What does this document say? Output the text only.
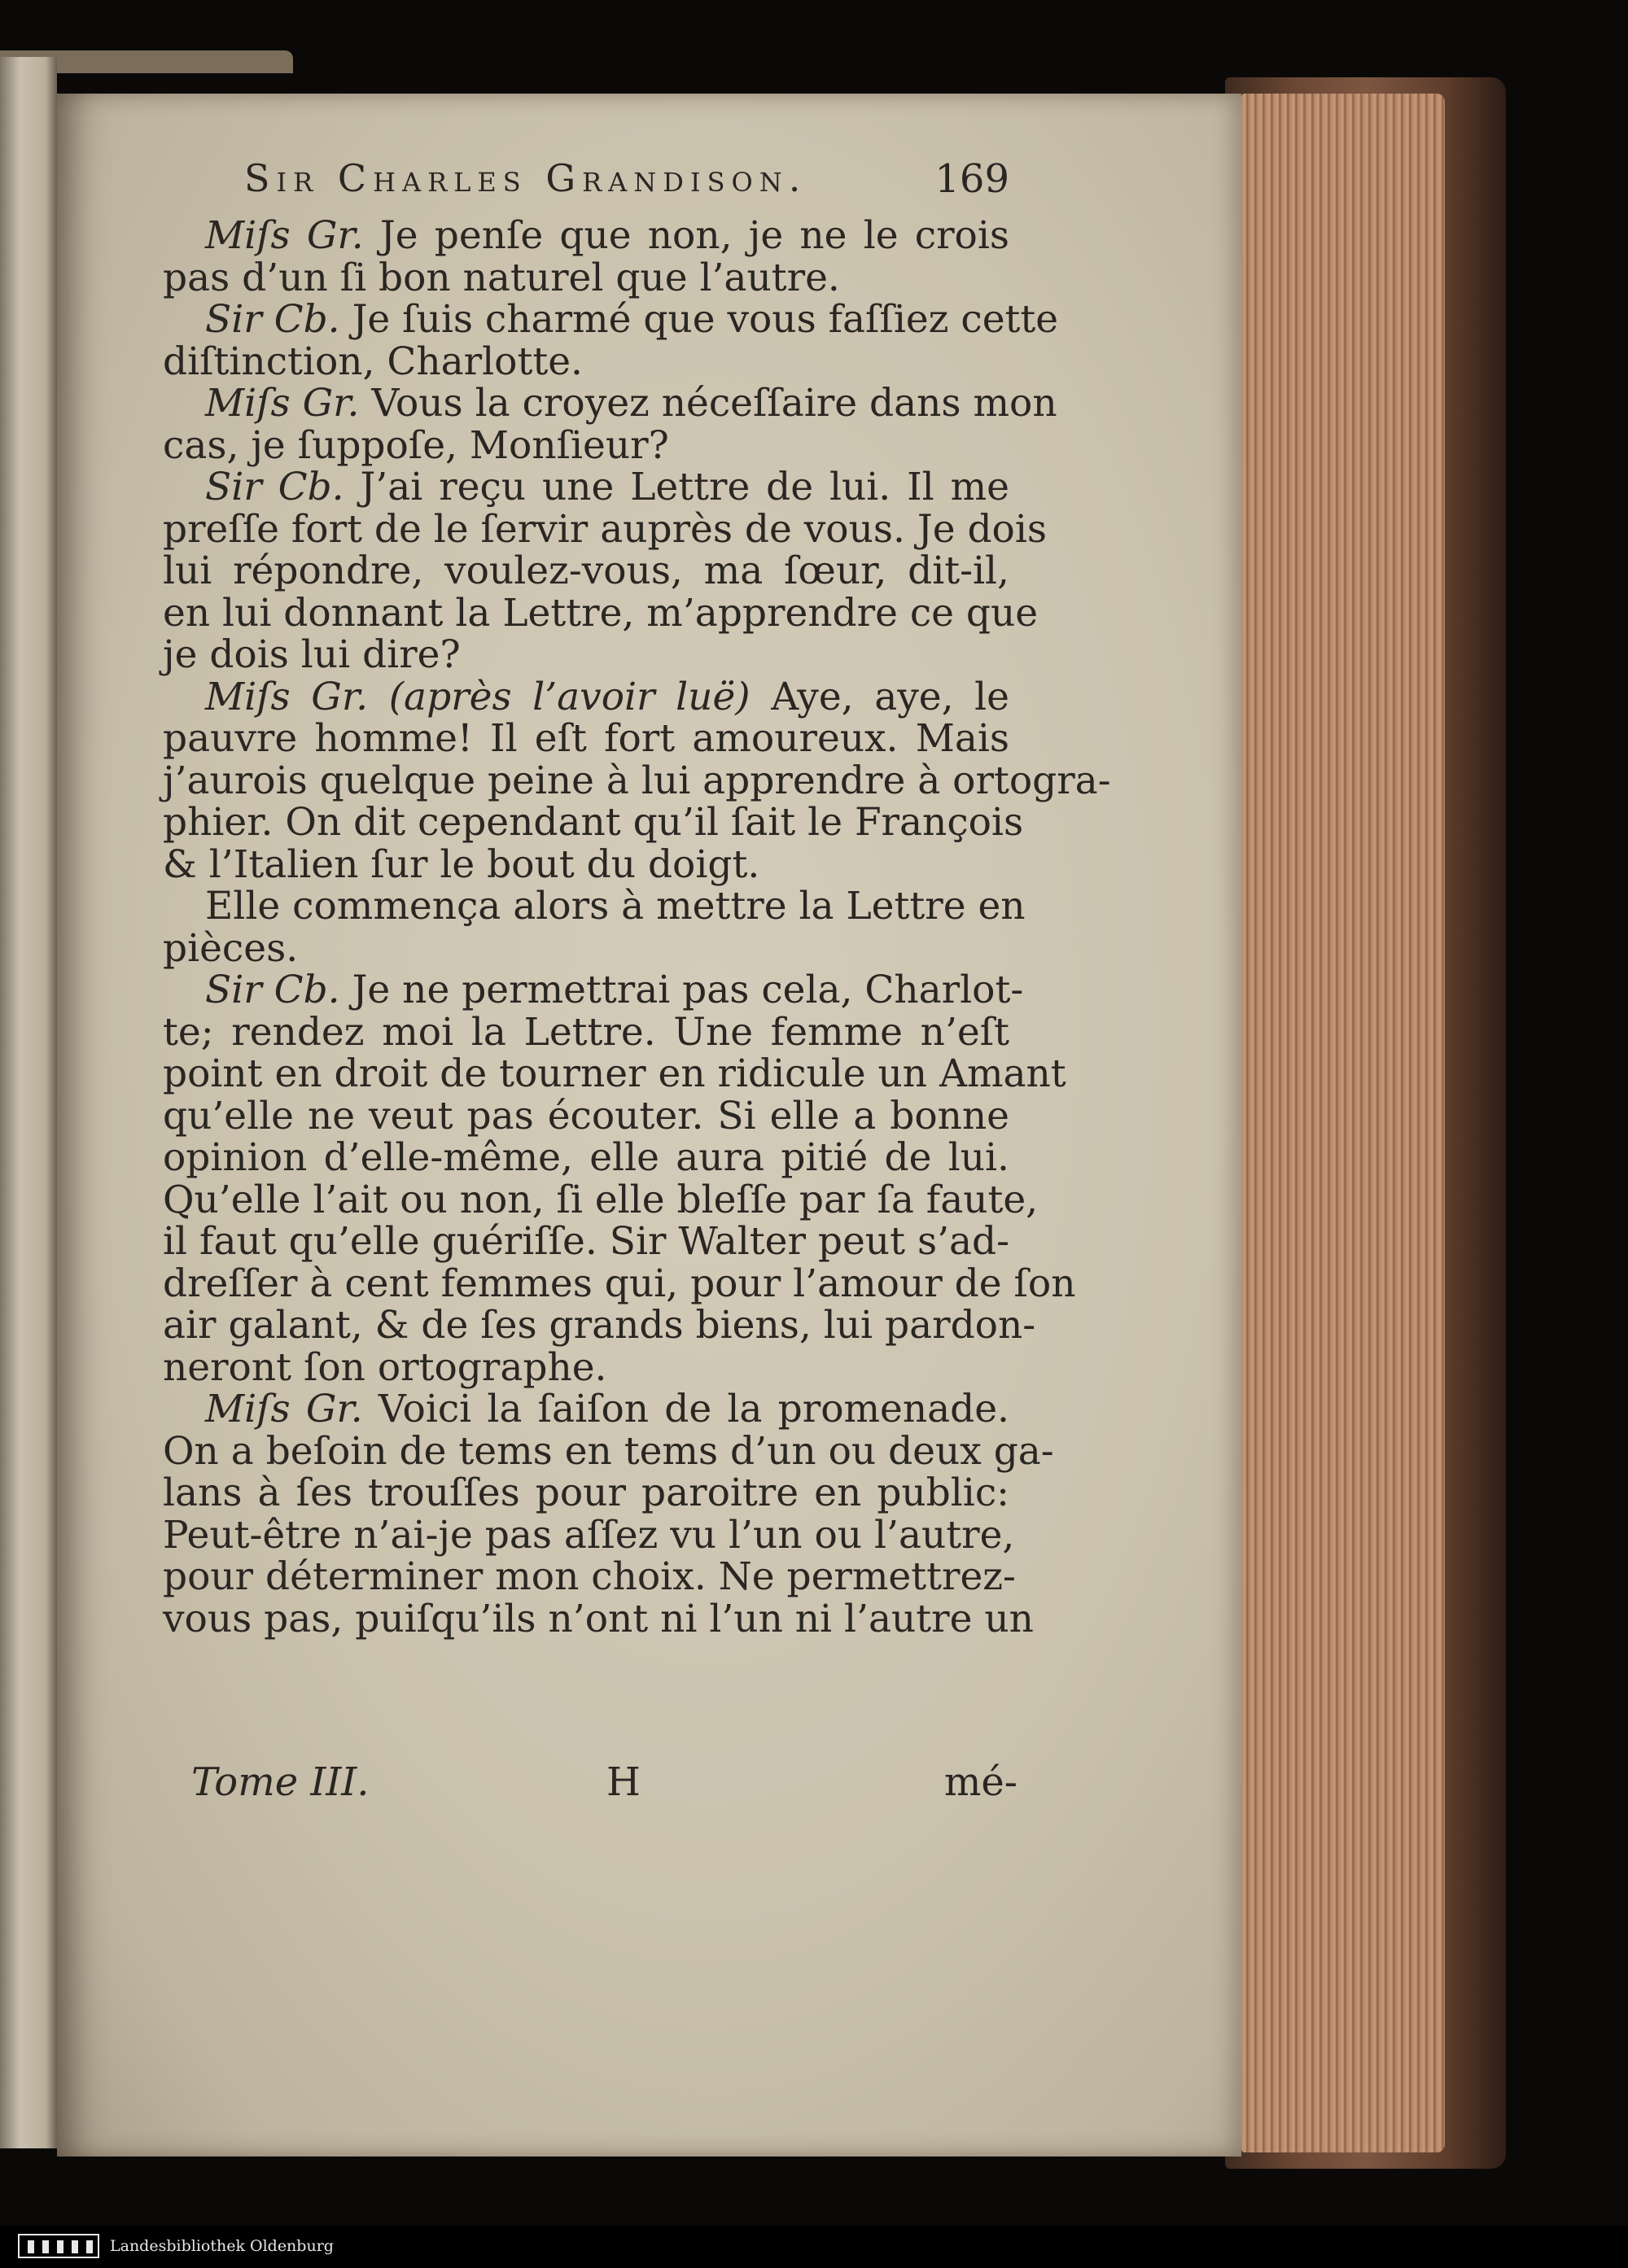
Sir Charles Grandison.	169
Miſs Gr. Je penſe que non, je ne le crois
pas d’un ſi bon naturel que l’autre.
Sir Cb. Je ſuis charmé que vous faſſiez cette
diſtinction, Charlotte.
Miſs Gr. Vous la croyez néceſſaire dans mon
cas, je ſuppoſe, Monſieur?
Sir Cb. J’ai reçu une Lettre de lui. Il me
preſſe fort de le ſervir auprès de vous. Je dois
lui répondre, voulez-vous, ma ſœur, dit-il,
en lui donnant la Lettre, m’apprendre ce que
je dois lui dire?
Miſs Gr. (après l’avoir luë) Aye, aye, le
pauvre homme! Il eſt fort amoureux. Mais
j’aurois quelque peine à lui apprendre à ortogra-
phier. On dit cependant qu’il ſait le François
& l’Italien ſur le bout du doigt.
Elle commença alors à mettre la Lettre en
pièces.
Sir Cb. Je ne permettrai pas cela, Charlot-
te; rendez moi la Lettre. Une femme n’eſt
point en droit de tourner en ridicule un Amant
qu’elle ne veut pas écouter. Si elle a bonne
opinion d’elle-même, elle aura pitié de lui.
Qu’elle l’ait ou non, ſi elle bleſſe par ſa faute,
il faut qu’elle guériſſe. Sir Walter peut s’ad-
dreſſer à cent femmes qui, pour l’amour de ſon
air galant, & de ſes grands biens, lui pardon-
neront ſon ortographe.
Miſs Gr. Voici la ſaiſon de la promenade.
On a beſoin de tems en tems d’un ou deux ga-
lans à ſes trouſſes pour paroitre en public:
Peut-être n’ai-je pas aſſez vu l’un ou l’autre,
pour déterminer mon choix. Ne permettrez-
vous pas, puiſqu’ils n’ont ni l’un ni l’autre un
Tome III.	H	mé-
Landesbibliothek Oldenburg
